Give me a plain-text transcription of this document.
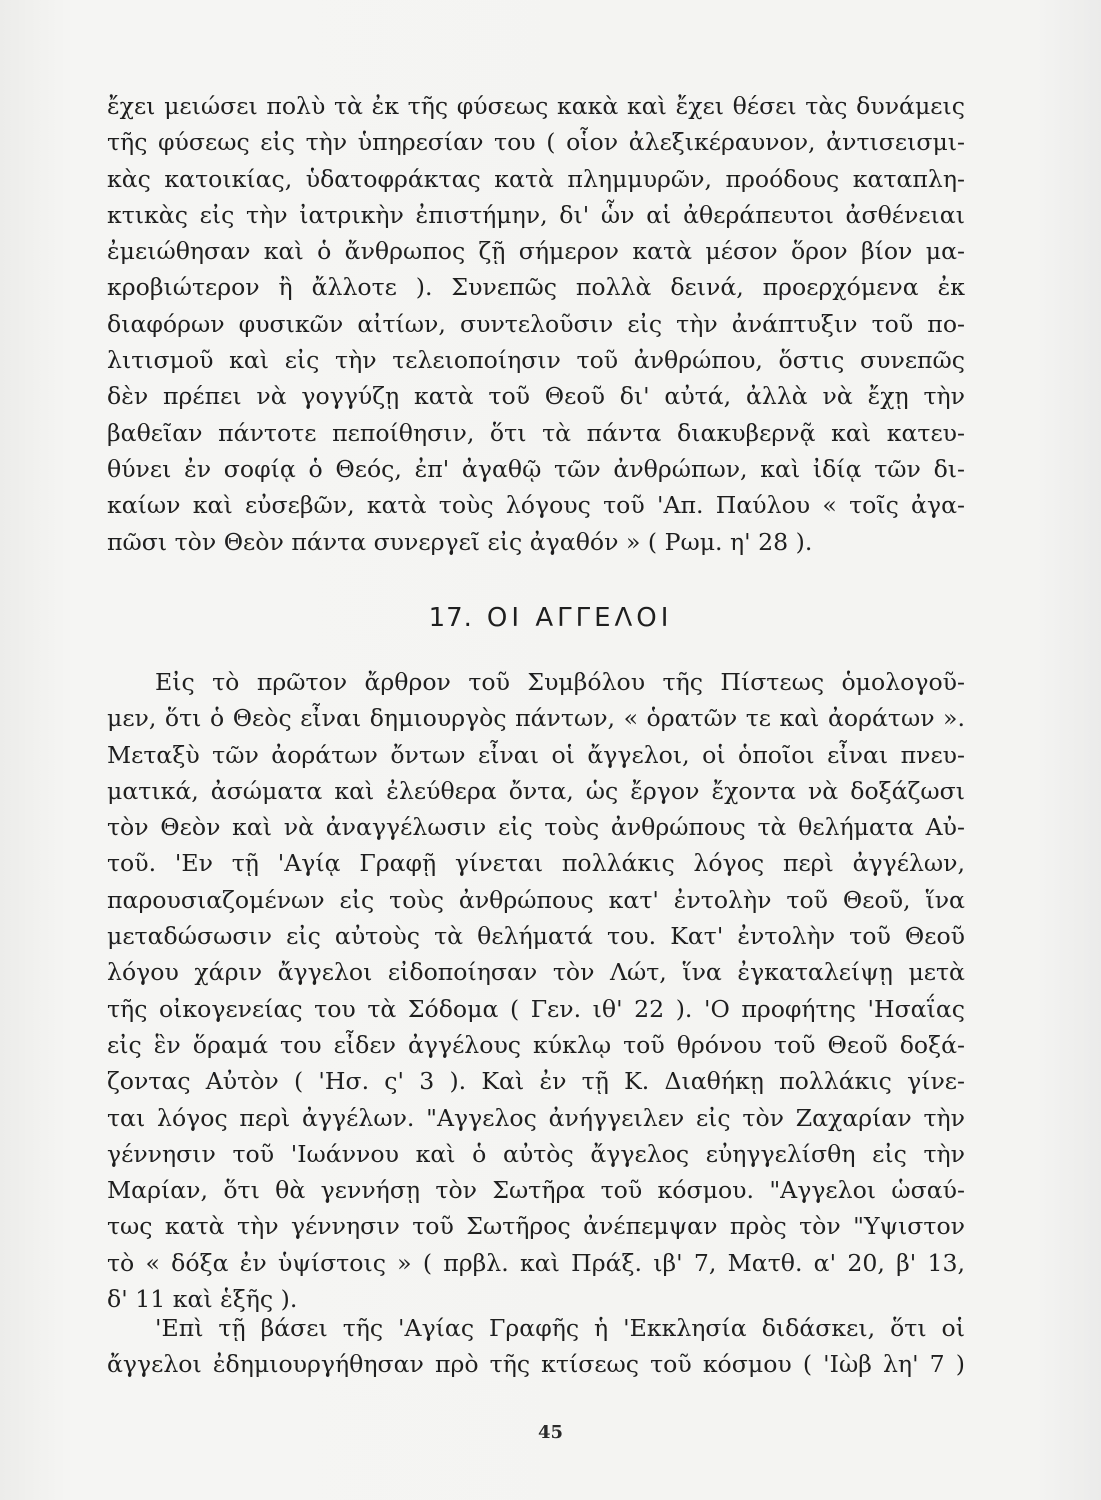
ἔχει μειώσει πολὺ τὰ ἐκ τῆς φύσεως κακὰ καὶ ἔχει θέσει τὰς δυνάμεις
τῆς φύσεως εἰς τὴν ὑπηρεσίαν του ( οἷον ἀλεξικέραυνον, ἀντισεισμι-
κὰς κατοικίας, ὑδατοφράκτας κατὰ πλημμυρῶν, προόδους καταπλη-
κτικὰς εἰς τὴν ἰατρικὴν ἐπιστήμην, δι' ὧν αἱ ἀθεράπευτοι ἀσθένειαι
ἐμειώθησαν καὶ ὁ ἄνθρωπος ζῇ σήμερον κατὰ μέσον ὅρον βίον μα-
κροβιώτερον ἢ ἄλλοτε ). Συνεπῶς πολλὰ δεινά, προερχόμενα ἐκ
διαφόρων φυσικῶν αἰτίων, συντελοῦσιν εἰς τὴν ἀνάπτυξιν τοῦ πο-
λιτισμοῦ καὶ εἰς τὴν τελειοποίησιν τοῦ ἀνθρώπου, ὅστις συνεπῶς
δὲν πρέπει νὰ γογγύζῃ κατὰ τοῦ Θεοῦ δι' αὐτά, ἀλλὰ νὰ ἔχῃ τὴν
βαθεῖαν πάντοτε πεποίθησιν, ὅτι τὰ πάντα διακυβερνᾷ καὶ κατευ-
θύνει ἐν σοφίᾳ ὁ Θεός, ἐπ' ἀγαθῷ τῶν ἀνθρώπων, καὶ ἰδίᾳ τῶν δι-
καίων καὶ εὐσεβῶν, κατὰ τοὺς λόγους τοῦ 'Απ. Παύλου « τοῖς ἀγα-
πῶσι τὸν Θεὸν πάντα συνεργεῖ εἰς ἀγαθόν » ( Ρωμ. η' 28 ).
17. ΟΙ ΑΓΓΕΛΟΙ
Εἰς τὸ πρῶτον ἄρθρον τοῦ Συμβόλου τῆς Πίστεως ὁμολογοῦ-
μεν, ὅτι ὁ Θεὸς εἶναι δημιουργὸς πάντων, « ὁρατῶν τε καὶ ἀοράτων ».
Μεταξὺ τῶν ἀοράτων ὄντων εἶναι οἱ ἄγγελοι, οἱ ὁποῖοι εἶναι πνευ-
ματικά, ἀσώματα καὶ ἐλεύθερα ὄντα, ὡς ἔργον ἔχοντα νὰ δοξάζωσι
τὸν Θεὸν καὶ νὰ ἀναγγέλωσιν εἰς τοὺς ἀνθρώπους τὰ θελήματα Αὐ-
τοῦ. 'Εν τῇ 'Αγίᾳ Γραφῇ γίνεται πολλάκις λόγος περὶ ἀγγέλων,
παρουσιαζομένων εἰς τοὺς ἀνθρώπους κατ' ἐντολὴν τοῦ Θεοῦ, ἵνα
μεταδώσωσιν εἰς αὐτοὺς τὰ θελήματά του. Κατ' ἐντολὴν τοῦ Θεοῦ
λόγου χάριν ἄγγελοι εἰδοποίησαν τὸν Λώτ, ἵνα ἐγκαταλείψῃ μετὰ
τῆς οἰκογενείας του τὰ Σόδομα ( Γεν. ιθ' 22 ). 'Ο προφήτης 'Ησαΐας
εἰς ἓν ὅραμά του εἶδεν ἀγγέλους κύκλῳ τοῦ θρόνου τοῦ Θεοῦ δοξά-
ζοντας Αὐτὸν ( 'Ησ. ς' 3 ). Καὶ ἐν τῇ Κ. Διαθήκῃ πολλάκις γίνε-
ται λόγος περὶ ἀγγέλων. "Αγγελος ἀνήγγειλεν εἰς τὸν Ζαχαρίαν τὴν
γέννησιν τοῦ 'Ιωάννου καὶ ὁ αὐτὸς ἄγγελος εὐηγγελίσθη εἰς τὴν
Μαρίαν, ὅτι θὰ γεννήσῃ τὸν Σωτῆρα τοῦ κόσμου. "Αγγελοι ὡσαύ-
τως κατὰ τὴν γέννησιν τοῦ Σωτῆρος ἀνέπεμψαν πρὸς τὸν "Υψιστον
τὸ « δόξα ἐν ὑψίστοις » ( πρβλ. καὶ Πράξ. ιβ' 7, Ματθ. α' 20, β' 13,
δ' 11 καὶ ἑξῆς ).
'Επὶ τῇ βάσει τῆς 'Αγίας Γραφῆς ἡ 'Εκκλησία διδάσκει, ὅτι οἱ
ἄγγελοι ἐδημιουργήθησαν πρὸ τῆς κτίσεως τοῦ κόσμου ( 'Ιὼβ λη' 7 )
45
